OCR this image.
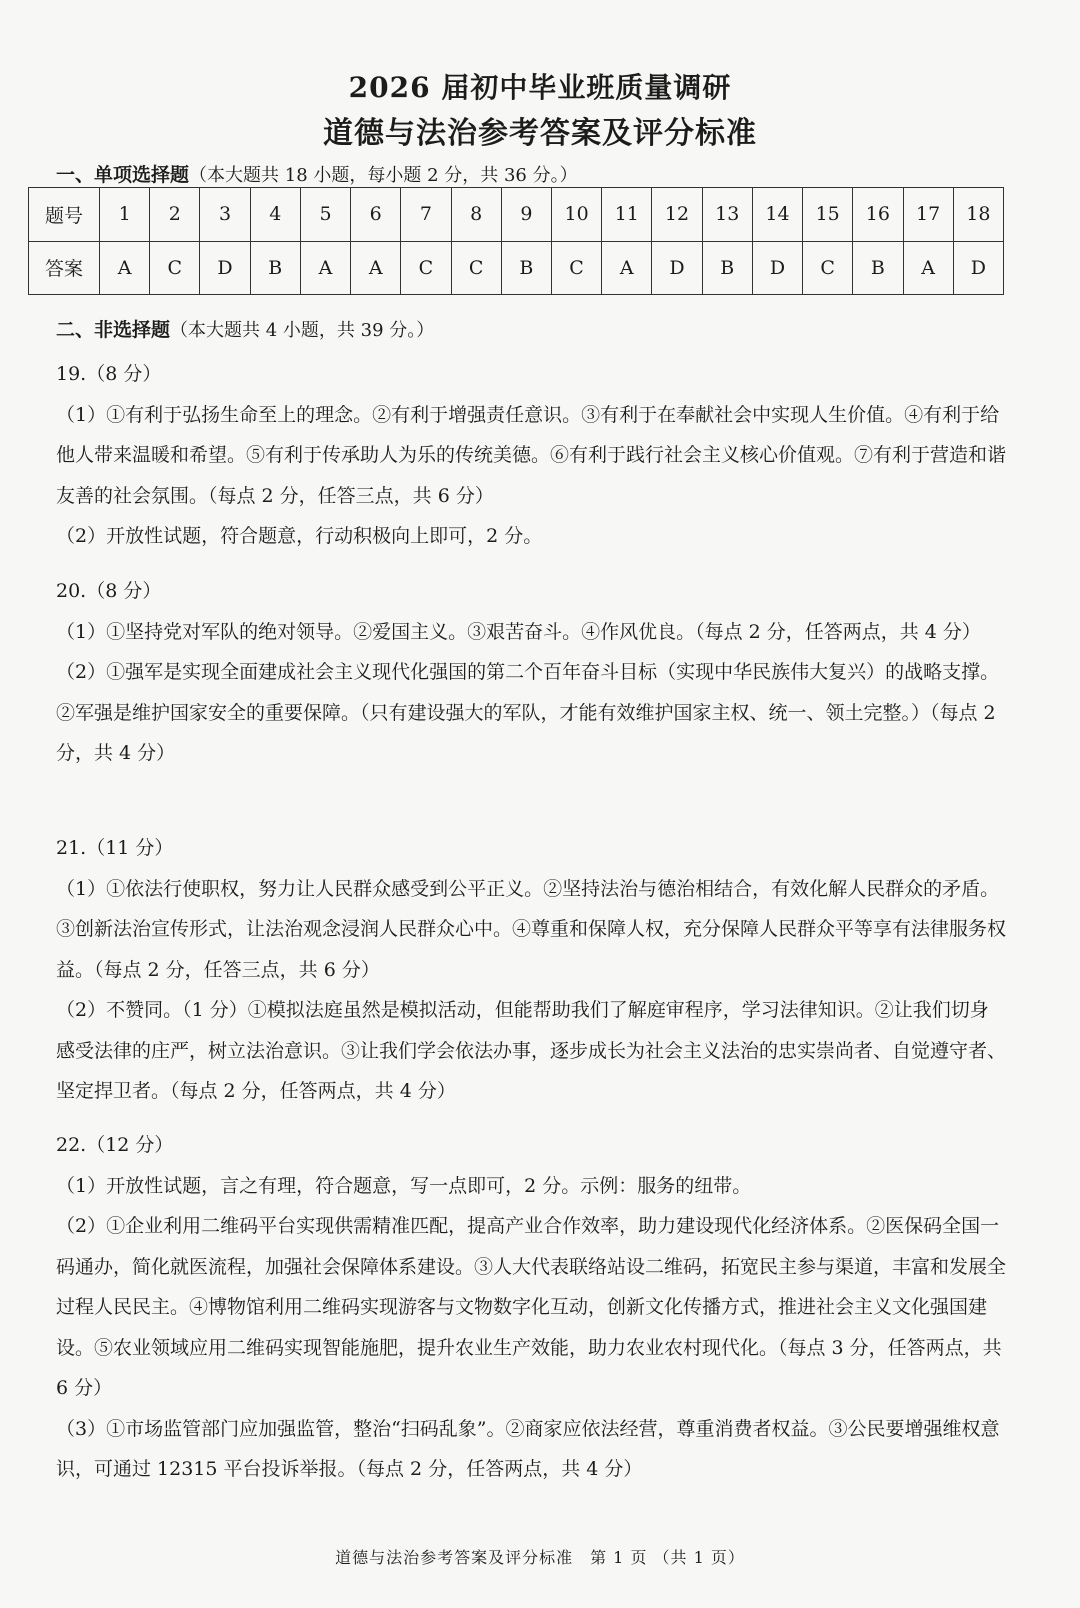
2026 届初中毕业班质量调研
道德与法治参考答案及评分标准
一、单项选择题（本大题共 18 小题，每小题 2 分，共 36 分。）
题号	1	2	3	4	5	6	7	8	9	10	11	12	13	14	15	16	17	18
答案	A	C	D	B	A	A	C	C	B	C	A	D	B	D	C	B	A	D
二、非选择题（本大题共 4 小题，共 39 分。）

19.（8 分）

（1）①有利于弘扬生命至上的理念。②有利于增强责任意识。③有利于在奉献社会中实现人生价值。④有利于给他人带来温暖和希望。⑤有利于传承助人为乐的传统美德。⑥有利于践行社会主义核心价值观。⑦有利于营造和谐友善的社会氛围。（每点 2 分，任答三点，共 6 分）

（2）开放性试题，符合题意，行动积极向上即可，2 分。

20.（8 分）

（1）①坚持党对军队的绝对领导。②爱国主义。③艰苦奋斗。④作风优良。（每点 2 分，任答两点，共 4 分）

（2）①强军是实现全面建成社会主义现代化强国的第二个百年奋斗目标（实现中华民族伟大复兴）的战略支撑。②军强是维护国家安全的重要保障。（只有建设强大的军队，才能有效维护国家主权、统一、领土完整。）（每点 2 分，共 4 分）

21.（11 分）

（1）①依法行使职权，努力让人民群众感受到公平正义。②坚持法治与德治相结合，有效化解人民群众的矛盾。③创新法治宣传形式，让法治观念浸润人民群众心中。④尊重和保障人权，充分保障人民群众平等享有法律服务权益。（每点 2 分，任答三点，共 6 分）

（2）不赞同。（1 分）①模拟法庭虽然是模拟活动，但能帮助我们了解庭审程序，学习法律知识。②让我们切身感受法律的庄严，树立法治意识。③让我们学会依法办事，逐步成长为社会主义法治的忠实崇尚者、自觉遵守者、坚定捍卫者。（每点 2 分，任答两点，共 4 分）

22.（12 分）

（1）开放性试题，言之有理，符合题意，写一点即可，2 分。示例：服务的纽带。

（2）①企业利用二维码平台实现供需精准匹配，提高产业合作效率，助力建设现代化经济体系。②医保码全国一码通办，简化就医流程，加强社会保障体系建设。③人大代表联络站设二维码，拓宽民主参与渠道，丰富和发展全过程人民民主。④博物馆利用二维码实现游客与文物数字化互动，创新文化传播方式，推进社会主义文化强国建设。⑤农业领域应用二维码实现智能施肥，提升农业生产效能，助力农业农村现代化。（每点 3 分，任答两点，共 6 分）

（3）①市场监管部门应加强监管，整治“扫码乱象”。②商家应依法经营，尊重消费者权益。③公民要增强维权意识，可通过 12315 平台投诉举报。（每点 2 分，任答两点，共 4 分）

道德与法治参考答案及评分标准　第 1 页 （共 1 页）
